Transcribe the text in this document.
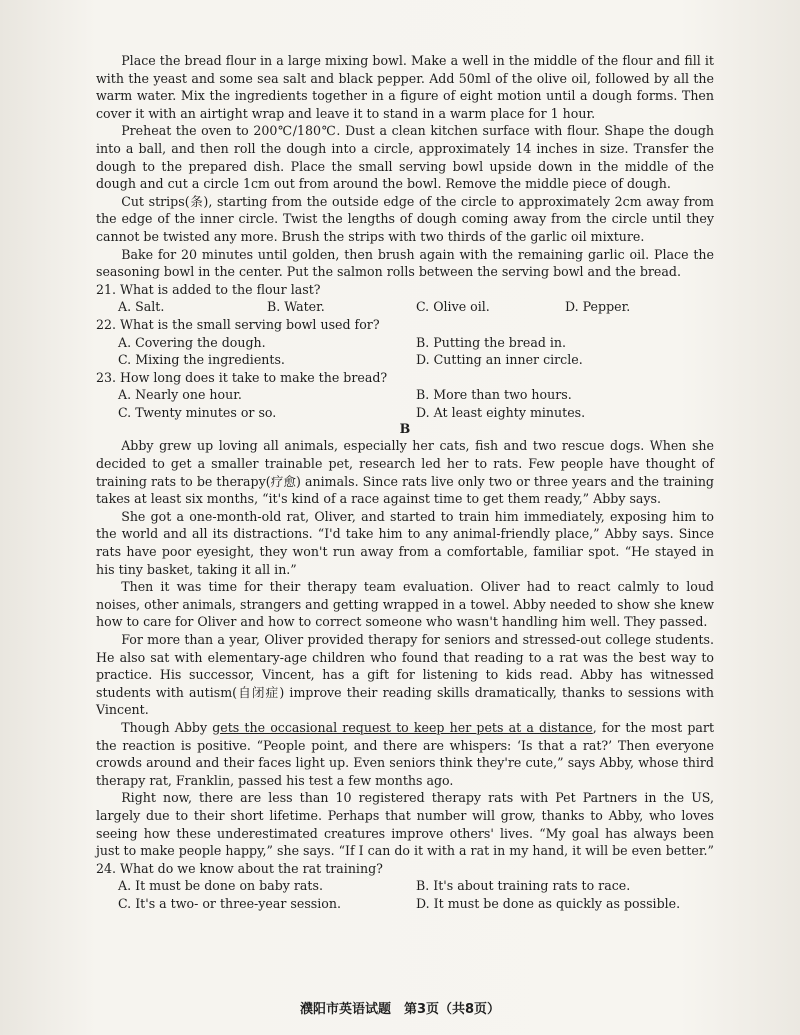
Place the bread flour in a large mixing bowl. Make a well in the middle of the flour and fill it with the yeast and some sea salt and black pepper. Add 50ml of the olive oil, followed by all the warm water. Mix the ingredients together in a figure of eight motion until a dough forms. Then cover it with an airtight wrap and leave it to stand in a warm place for 1 hour.

Preheat the oven to 200℃/180℃. Dust a clean kitchen surface with flour. Shape the dough into a ball, and then roll the dough into a circle, approximately 14 inches in size. Transfer the dough to the prepared dish. Place the small serving bowl upside down in the middle of the dough and cut a circle 1cm out from around the bowl. Remove the middle piece of dough.

Cut strips(条), starting from the outside edge of the circle to approximately 2cm away from the edge of the inner circle. Twist the lengths of dough coming away from the circle until they cannot be twisted any more. Brush the strips with two thirds of the garlic oil mixture.

Bake for 20 minutes until golden, then brush again with the remaining garlic oil. Place the seasoning bowl in the center. Put the salmon rolls between the serving bowl and the bread.

21. What is added to the flour last?
A. Salt.	B. Water.	C. Olive oil.	D. Pepper.
22. What is the small serving bowl used for?
A. Covering the dough.	B. Putting the bread in.
C. Mixing the ingredients.	D. Cutting an inner circle.
23. How long does it take to make the bread?
A. Nearly one hour.	B. More than two hours.
C. Twenty minutes or so.	D. At least eighty minutes.
B

Abby grew up loving all animals, especially her cats, fish and two rescue dogs. When she decided to get a smaller trainable pet, research led her to rats. Few people have thought of training rats to be therapy(疗愈) animals. Since rats live only two or three years and the training takes at least six months, “it's kind of a race against time to get them ready,” Abby says.

She got a one-month-old rat, Oliver, and started to train him immediately, exposing him to the world and all its distractions. “I'd take him to any animal-friendly place,” Abby says. Since rats have poor eyesight, they won't run away from a comfortable, familiar spot. “He stayed in his tiny basket, taking it all in.”

Then it was time for their therapy team evaluation. Oliver had to react calmly to loud noises, other animals, strangers and getting wrapped in a towel. Abby needed to show she knew how to care for Oliver and how to correct someone who wasn't handling him well. They passed.

For more than a year, Oliver provided therapy for seniors and stressed-out college students. He also sat with elementary-age children who found that reading to a rat was the best way to practice. His successor, Vincent, has a gift for listening to kids read. Abby has witnessed students with autism(自闭症) improve their reading skills dramatically, thanks to sessions with Vincent.

Though Abby gets the occasional request to keep her pets at a distance, for the most part the reaction is positive. “People point, and there are whispers: ‘Is that a rat?’ Then everyone crowds around and their faces light up. Even seniors think they're cute,” says Abby, whose third therapy rat, Franklin, passed his test a few months ago.

Right now, there are less than 10 registered therapy rats with Pet Partners in the US, largely due to their short lifetime. Perhaps that number will grow, thanks to Abby, who loves seeing how these underestimated creatures improve others' lives. “My goal has always been just to make people happy,” she says. “If I can do it with a rat in my hand, it will be even better.”

24. What do we know about the rat training?
A. It must be done on baby rats.	B. It's about training rats to race.
C. It's a two- or three-year session.	D. It must be done as quickly as possible.
濮阳市英语试题　第3页（共8页）
